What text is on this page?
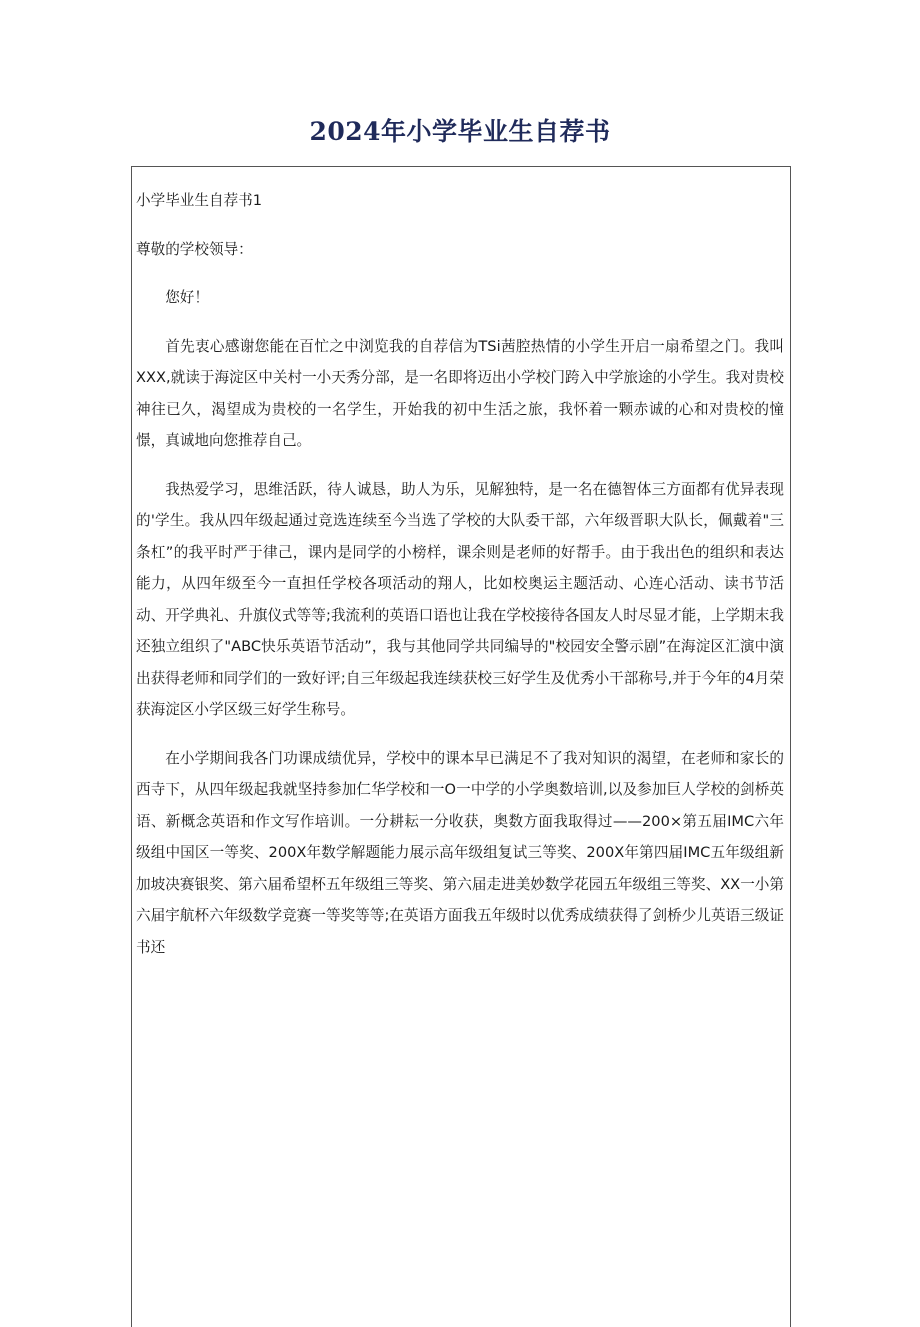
2024年小学毕业生自荐书

小学毕业生自荐书1

尊敬的学校领导：

您好！

首先衷心感谢您能在百忙之中浏览我的自荐信为TSi茜腔热情的小学生开启一扇希望之门。我叫XXX,就读于海淀区中关村一小天秀分部，是一名即将迈出小学校门跨入中学旅途的小学生。我对贵校神往已久，渴望成为贵校的一名学生，开始我的初中生活之旅，我怀着一颗赤诚的心和对贵校的憧憬，真诚地向您推荐自己。

我热爱学习，思维活跃，待人诚恳，助人为乐，见解独特，是一名在德智体三方面都有优异表现的'学生。我从四年级起通过竞选连续至今当选了学校的大队委干部，六年级晋职大队长，佩戴着"三条杠”的我平时严于律己，课内是同学的小榜样，课余则是老师的好帮手。由于我出色的组织和表达能力，从四年级至今一直担任学校各项活动的翔人，比如校奥运主题活动、心连心活动、读书节活动、开学典礼、升旗仪式等等;我流利的英语口语也让我在学校接待各国友人时尽显才能，上学期末我还独立组织了"ABC快乐英语节活动”，我与其他同学共同编导的"校园安全警示剧”在海淀区汇演中演出获得老师和同学们的一致好评;自三年级起我连续获校三好学生及优秀小干部称号,并于今年的4月荣获海淀区小学区级三好学生称号。

在小学期间我各门功课成绩优异，学校中的课本早已满足不了我对知识的渴望，在老师和家长的西寺下，从四年级起我就坚持参加仁华学校和一O一中学的小学奥数培训,以及参加巨人学校的剑桥英语、新概念英语和作文写作培训。一分耕耘一分收获，奥数方面我取得过——200×第五届IMC六年级组中国区一等奖、200X年数学解题能力展示高年级组复试三等奖、200X年第四届IMC五年级组新加坡决赛银奖、第六届希望杯五年级组三等奖、第六届走进美妙数学花园五年级组三等奖、XX一小第六届宇航杯六年级数学竞赛一等奖等等;在英语方面我五年级时以优秀成绩获得了剑桥少儿英语三级证书还
